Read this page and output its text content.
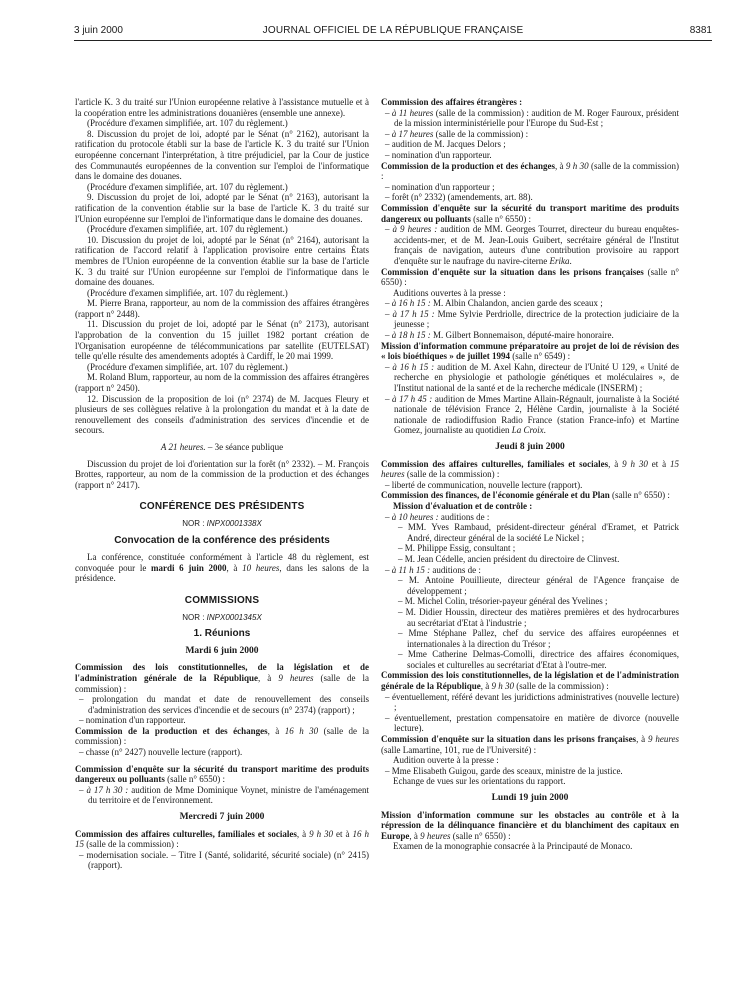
3 juin 2000	JOURNAL OFFICIEL DE LA RÉPUBLIQUE FRANÇAISE	8381

l'article K. 3 du traité sur l'Union européenne relative à l'assistance mutuelle et à la coopération entre les administrations douanières (ensemble une annexe).

(Procédure d'examen simplifiée, art. 107 du règlement.)

8. Discussion du projet de loi, adopté par le Sénat (n° 2162), autorisant la ratification du protocole établi sur la base de l'article K. 3 du traité sur l'Union européenne concernant l'interprétation, à titre préjudiciel, par la Cour de justice des Communautés européennes de la convention sur l'emploi de l'informatique dans le domaine des douanes.

(Procédure d'examen simplifiée, art. 107 du règlement.)

9. Discussion du projet de loi, adopté par le Sénat (n° 2163), autorisant la ratification de la convention établie sur la base de l'article K. 3 du traité sur l'Union européenne sur l'emploi de l'informatique dans le domaine des douanes.

(Procédure d'examen simplifiée, art. 107 du règlement.)

10. Discussion du projet de loi, adopté par le Sénat (n° 2164), autorisant la ratification de l'accord relatif à l'application provisoire entre certains États membres de l'Union européenne de la convention établie sur la base de l'article K. 3 du traité sur l'Union européenne sur l'emploi de l'informatique dans le domaine des douanes.

(Procédure d'examen simplifiée, art. 107 du règlement.)

M. Pierre Brana, rapporteur, au nom de la commission des affaires étrangères (rapport n° 2448).

11. Discussion du projet de loi, adopté par le Sénat (n° 2173), autorisant l'approbation de la convention du 15 juillet 1982 portant création de l'Organisation européenne de télécommunications par satellite (EUTELSAT) telle qu'elle résulte des amendements adoptés à Cardiff, le 20 mai 1999.

(Procédure d'examen simplifiée, art. 107 du règlement.)

M. Roland Blum, rapporteur, au nom de la commission des affaires étrangères (rapport n° 2450).

12. Discussion de la proposition de loi (n° 2374) de M. Jacques Fleury et plusieurs de ses collègues relative à la prolongation du mandat et à la date de renouvellement des conseils d'administration des services d'incendie et de secours.

A 21 heures. – 3e séance publique

Discussion du projet de loi d'orientation sur la forêt (n° 2332). – M. François Brottes, rapporteur, au nom de la commission de la production et des échanges (rapport n° 2417).

CONFÉRENCE DES PRÉSIDENTS

NOR : INPX0001338X

Convocation de la conférence des présidents

La conférence, constituée conformément à l'article 48 du règlement, est convoquée pour le mardi 6 juin 2000, à 10 heures, dans les salons de la présidence.

COMMISSIONS

NOR : INPX0001345X

1. Réunions

Mardi 6 juin 2000

Commission des lois constitutionnelles, de la législation et de l'administration générale de la République, à 9 heures (salle de la commission) :

– prolongation du mandat et date de renouvellement des conseils d'administration des services d'incendie et de secours (n° 2374) (rapport) ;

– nomination d'un rapporteur.

Commission de la production et des échanges, à 16 h 30 (salle de la commission) :

– chasse (n° 2427) nouvelle lecture (rapport).

Commission d'enquête sur la sécurité du transport maritime des produits dangereux ou polluants (salle n° 6550) :

– à 17 h 30 : audition de Mme Dominique Voynet, ministre de l'aménagement du territoire et de l'environnement.

Mercredi 7 juin 2000

Commission des affaires culturelles, familiales et sociales, à 9 h 30 et à 16 h 15 (salle de la commission) :

– modernisation sociale. – Titre I (Santé, solidarité, sécurité sociale) (n° 2415) (rapport).

Commission des affaires étrangères :

– à 11 heures (salle de la commission) : audition de M. Roger Fauroux, président de la mission interministérielle pour l'Europe du Sud-Est ;

– à 17 heures (salle de la commission) :

– audition de M. Jacques Delors ;

– nomination d'un rapporteur.

Commission de la production et des échanges, à 9 h 30 (salle de la commission) :

– nomination d'un rapporteur ;

– forêt (n° 2332) (amendements, art. 88).

Commission d'enquête sur la sécurité du transport maritime des produits dangereux ou polluants (salle n° 6550) :

– à 9 heures : audition de MM. Georges Tourret, directeur du bureau enquêtes-accidents-mer, et de M. Jean-Louis Guibert, secrétaire général de l'Institut français de navigation, auteurs d'une contribution provisoire au rapport d'enquête sur le naufrage du navire-citerne Erika.

Commission d'enquête sur la situation dans les prisons françaises (salle n° 6550) :

Auditions ouvertes à la presse :

– à 16 h 15 : M. Albin Chalandon, ancien garde des sceaux ;

– à 17 h 15 : Mme Sylvie Perdriolle, directrice de la protection judiciaire de la jeunesse ;

– à 18 h 15 : M. Gilbert Bonnemaison, député-maire honoraire.

Mission d'information commune préparatoire au projet de loi de révision des « lois bioéthiques » de juillet 1994 (salle n° 6549) :

– à 16 h 15 : audition de M. Axel Kahn, directeur de l'Unité U 129, « Unité de recherche en physiologie et pathologie génétiques et moléculaires », de l'Institut national de la santé et de la recherche médicale (INSERM) ;

– à 17 h 45 : audition de Mmes Martine Allain-Régnault, journaliste à la Société nationale de télévision France 2, Hélène Cardin, journaliste à la Société nationale de radiodiffusion Radio France (station France-info) et Martine Gomez, journaliste au quotidien La Croix.

Jeudi 8 juin 2000

Commission des affaires culturelles, familiales et sociales, à 9 h 30 et à 15 heures (salle de la commission) :

– liberté de communication, nouvelle lecture (rapport).

Commission des finances, de l'économie générale et du Plan (salle n° 6550) :

Mission d'évaluation et de contrôle :

– à 10 heures : auditions de :

– MM. Yves Rambaud, président-directeur général d'Eramet, et Patrick André, directeur général de la société Le Nickel ;

– M. Philippe Essig, consultant ;

– M. Jean Cédelle, ancien président du directoire de Clinvest.

– à 11 h 15 : auditions de :

– M. Antoine Pouillieute, directeur général de l'Agence française de développement ;

– M. Michel Colin, trésorier-payeur général des Yvelines ;

– M. Didier Houssin, directeur des matières premières et des hydrocarbures au secrétariat d'Etat à l'industrie ;

– Mme Stéphane Pallez, chef du service des affaires européennes et internationales à la direction du Trésor ;

– Mme Catherine Delmas-Comolli, directrice des affaires économiques, sociales et culturelles au secrétariat d'Etat à l'outre-mer.

Commission des lois constitutionnelles, de la législation et de l'administration générale de la République, à 9 h 30 (salle de la commission) :

– éventuellement, référé devant les juridictions administratives (nouvelle lecture) ;

– éventuellement, prestation compensatoire en matière de divorce (nouvelle lecture).

Commission d'enquête sur la situation dans les prisons françaises, à 9 heures (salle Lamartine, 101, rue de l'Université) :

Audition ouverte à la presse :

– Mme Elisabeth Guigou, garde des sceaux, ministre de la justice.

Echange de vues sur les orientations du rapport.

Lundi 19 juin 2000

Mission d'information commune sur les obstacles au contrôle et à la répression de la délinquance financière et du blanchiment des capitaux en Europe, à 9 heures (salle n° 6550) :

Examen de la monographie consacrée à la Principauté de Monaco.
